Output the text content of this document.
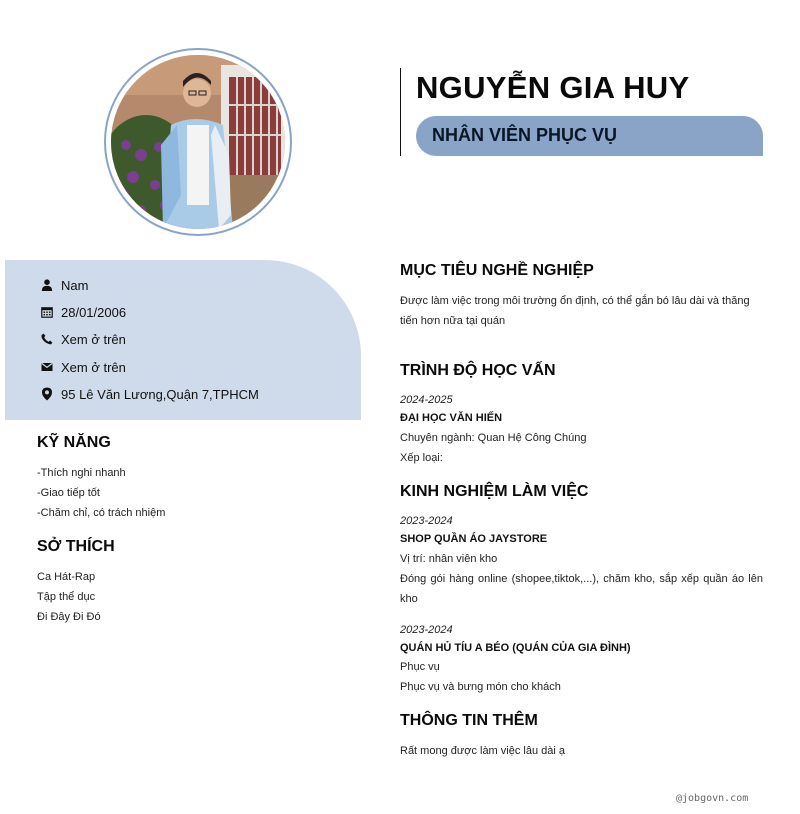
NGUYỄN GIA HUY
NHÂN VIÊN PHỤC VỤ
Nam
28/01/2006
Xem ở trên
Xem ở trên
95 Lê Văn Lương,Quận 7,TPHCM
KỸ NĂNG
-Thích nghi nhanh
-Giao tiếp tốt
-Chăm chỉ, có trách nhiệm
SỞ THÍCH
Ca Hát-Rap
Tập thể dục
Đi Đây Đi Đó
MỤC TIÊU NGHỀ NGHIỆP
Được làm việc trong môi trường ổn định, có thể gắn bó lâu dài và thăng tiến hơn nữa tại quán
TRÌNH ĐỘ HỌC VẤN
2024-2025
ĐẠI HỌC VĂN HIẾN
Chuyên ngành: Quan Hệ Công Chúng
Xếp loại:
KINH NGHIỆM LÀM VIỆC
2023-2024
SHOP QUẦN ÁO JAYSTORE
Vị trí: nhân viên kho
Đóng gói hàng online (shopee,tiktok,...), chăm kho, sắp xếp quần áo lên kho
2023-2024
QUÁN HỦ TÍU A BÉO (QUÁN CỦA GIA ĐÌNH)
Phục vụ
Phục vụ và bưng món cho khách
THÔNG TIN THÊM
Rất mong được làm việc lâu dài ạ
@jobgovn.com
